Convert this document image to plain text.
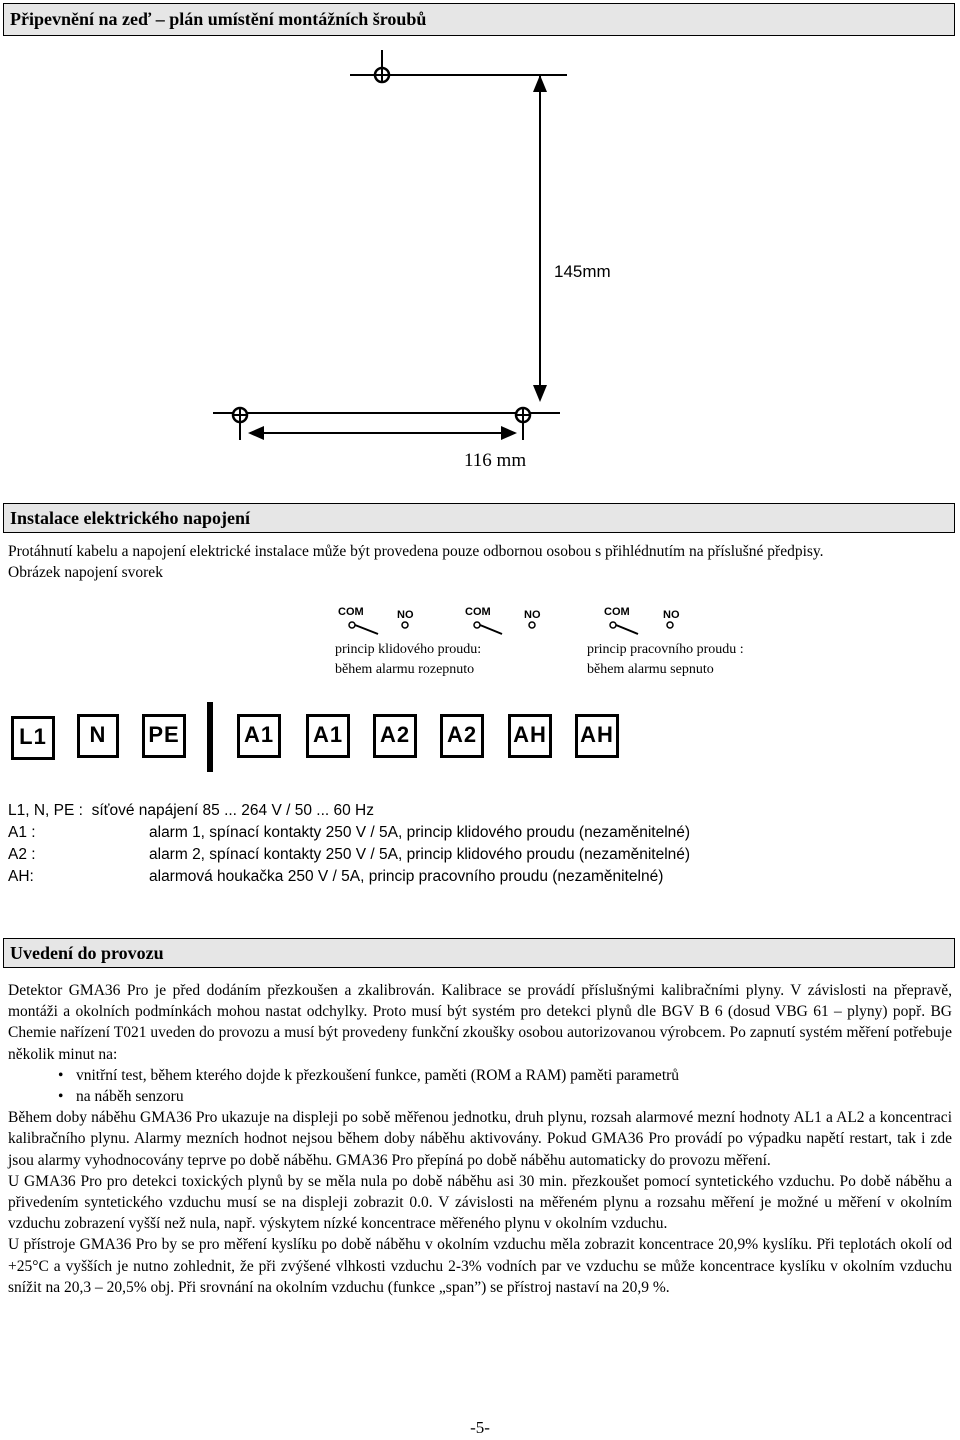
Připevnění na zeď – plán umístění montážních šroubů
145mm
116 mm
Instalace elektrického napojení

Protáhnutí kabelu a napojení elektrické instalace může být provedena pouze odbornou osobou s přihlédnutím na příslušné předpisy.

Obrázek napojení svorek

COM	NO	COM	NO	COM	NO
princip klidového proudu:
během alarmu rozepnuto
princip pracovního proudu :
během alarmu sepnuto
L1	N	PE	A1	A1	A2	A2	AH AH
L1, N, PE : síťové napájení 85 ... 264 V / 50 ... 60 Hz
A1 :	alarm 1, spínací kontakty 250 V / 5A, princip klidového proudu (nezaměnitelné)
A2 :	alarm 2, spínací kontakty 250 V / 5A, princip klidového proudu (nezaměnitelné)
AH:	alarmová houkačka 250 V / 5A, princip pracovního proudu (nezaměnitelné)
Uvedení do provozu

Detektor GMA36 Pro je před dodáním přezkoušen a zkalibrován. Kalibrace se provádí příslušnými kalibračními plyny. V závislosti na přepravě, montáži a okolních podmínkách mohou nastat odchylky. Proto musí být systém pro detekci plynů dle BGV B 6 (dosud VBG 61 – plyny) popř. BG Chemie nařízení T021 uveden do provozu a musí být provedeny funkční zkoušky osobou autorizovanou výrobcem. Po zapnutí systém měření potřebuje několik minut na:

• vnitřní test, během kterého dojde k přezkoušení funkce, paměti (ROM a RAM) paměti parametrů
• na náběh senzoru

Během doby náběhu GMA36 Pro ukazuje na displeji po sobě měřenou jednotku, druh plynu, rozsah alarmové mezní hodnoty AL1 a AL2 a koncentraci kalibračního plynu. Alarmy mezních hodnot nejsou během doby náběhu aktivovány. Pokud GMA36 Pro provádí po výpadku napětí restart, tak i zde jsou alarmy vyhodnocovány teprve po době náběhu. GMA36 Pro přepíná po době náběhu automaticky do provozu měření.

U GMA36 Pro pro detekci toxických plynů by se měla nula po době náběhu asi 30 min. přezkoušet pomocí syntetického vzduchu. Po době náběhu a přivedením syntetického vzduchu musí se na displeji zobrazit 0.0. V závislosti na měřeném plynu a rozsahu měření je možné u měření v okolním vzduchu zobrazení vyšší než nula, např. výskytem nízké koncentrace měřeného plynu v okolním vzduchu.

U přístroje GMA36 Pro by se pro měření kyslíku po době náběhu v okolním vzduchu měla zobrazit koncentrace 20,9% kyslíku. Při teplotách okolí od +25°C a vyšších je nutno zohlednit, že při zvýšené vlhkosti vzduchu 2-3% vodních par ve vzduchu se může koncentrace kyslíku v okolním vzduchu snížit na 20,3 – 20,5% obj. Při srovnání na okolním vzduchu (funkce „span”) se přístroj nastaví na 20,9 %.

-5-
